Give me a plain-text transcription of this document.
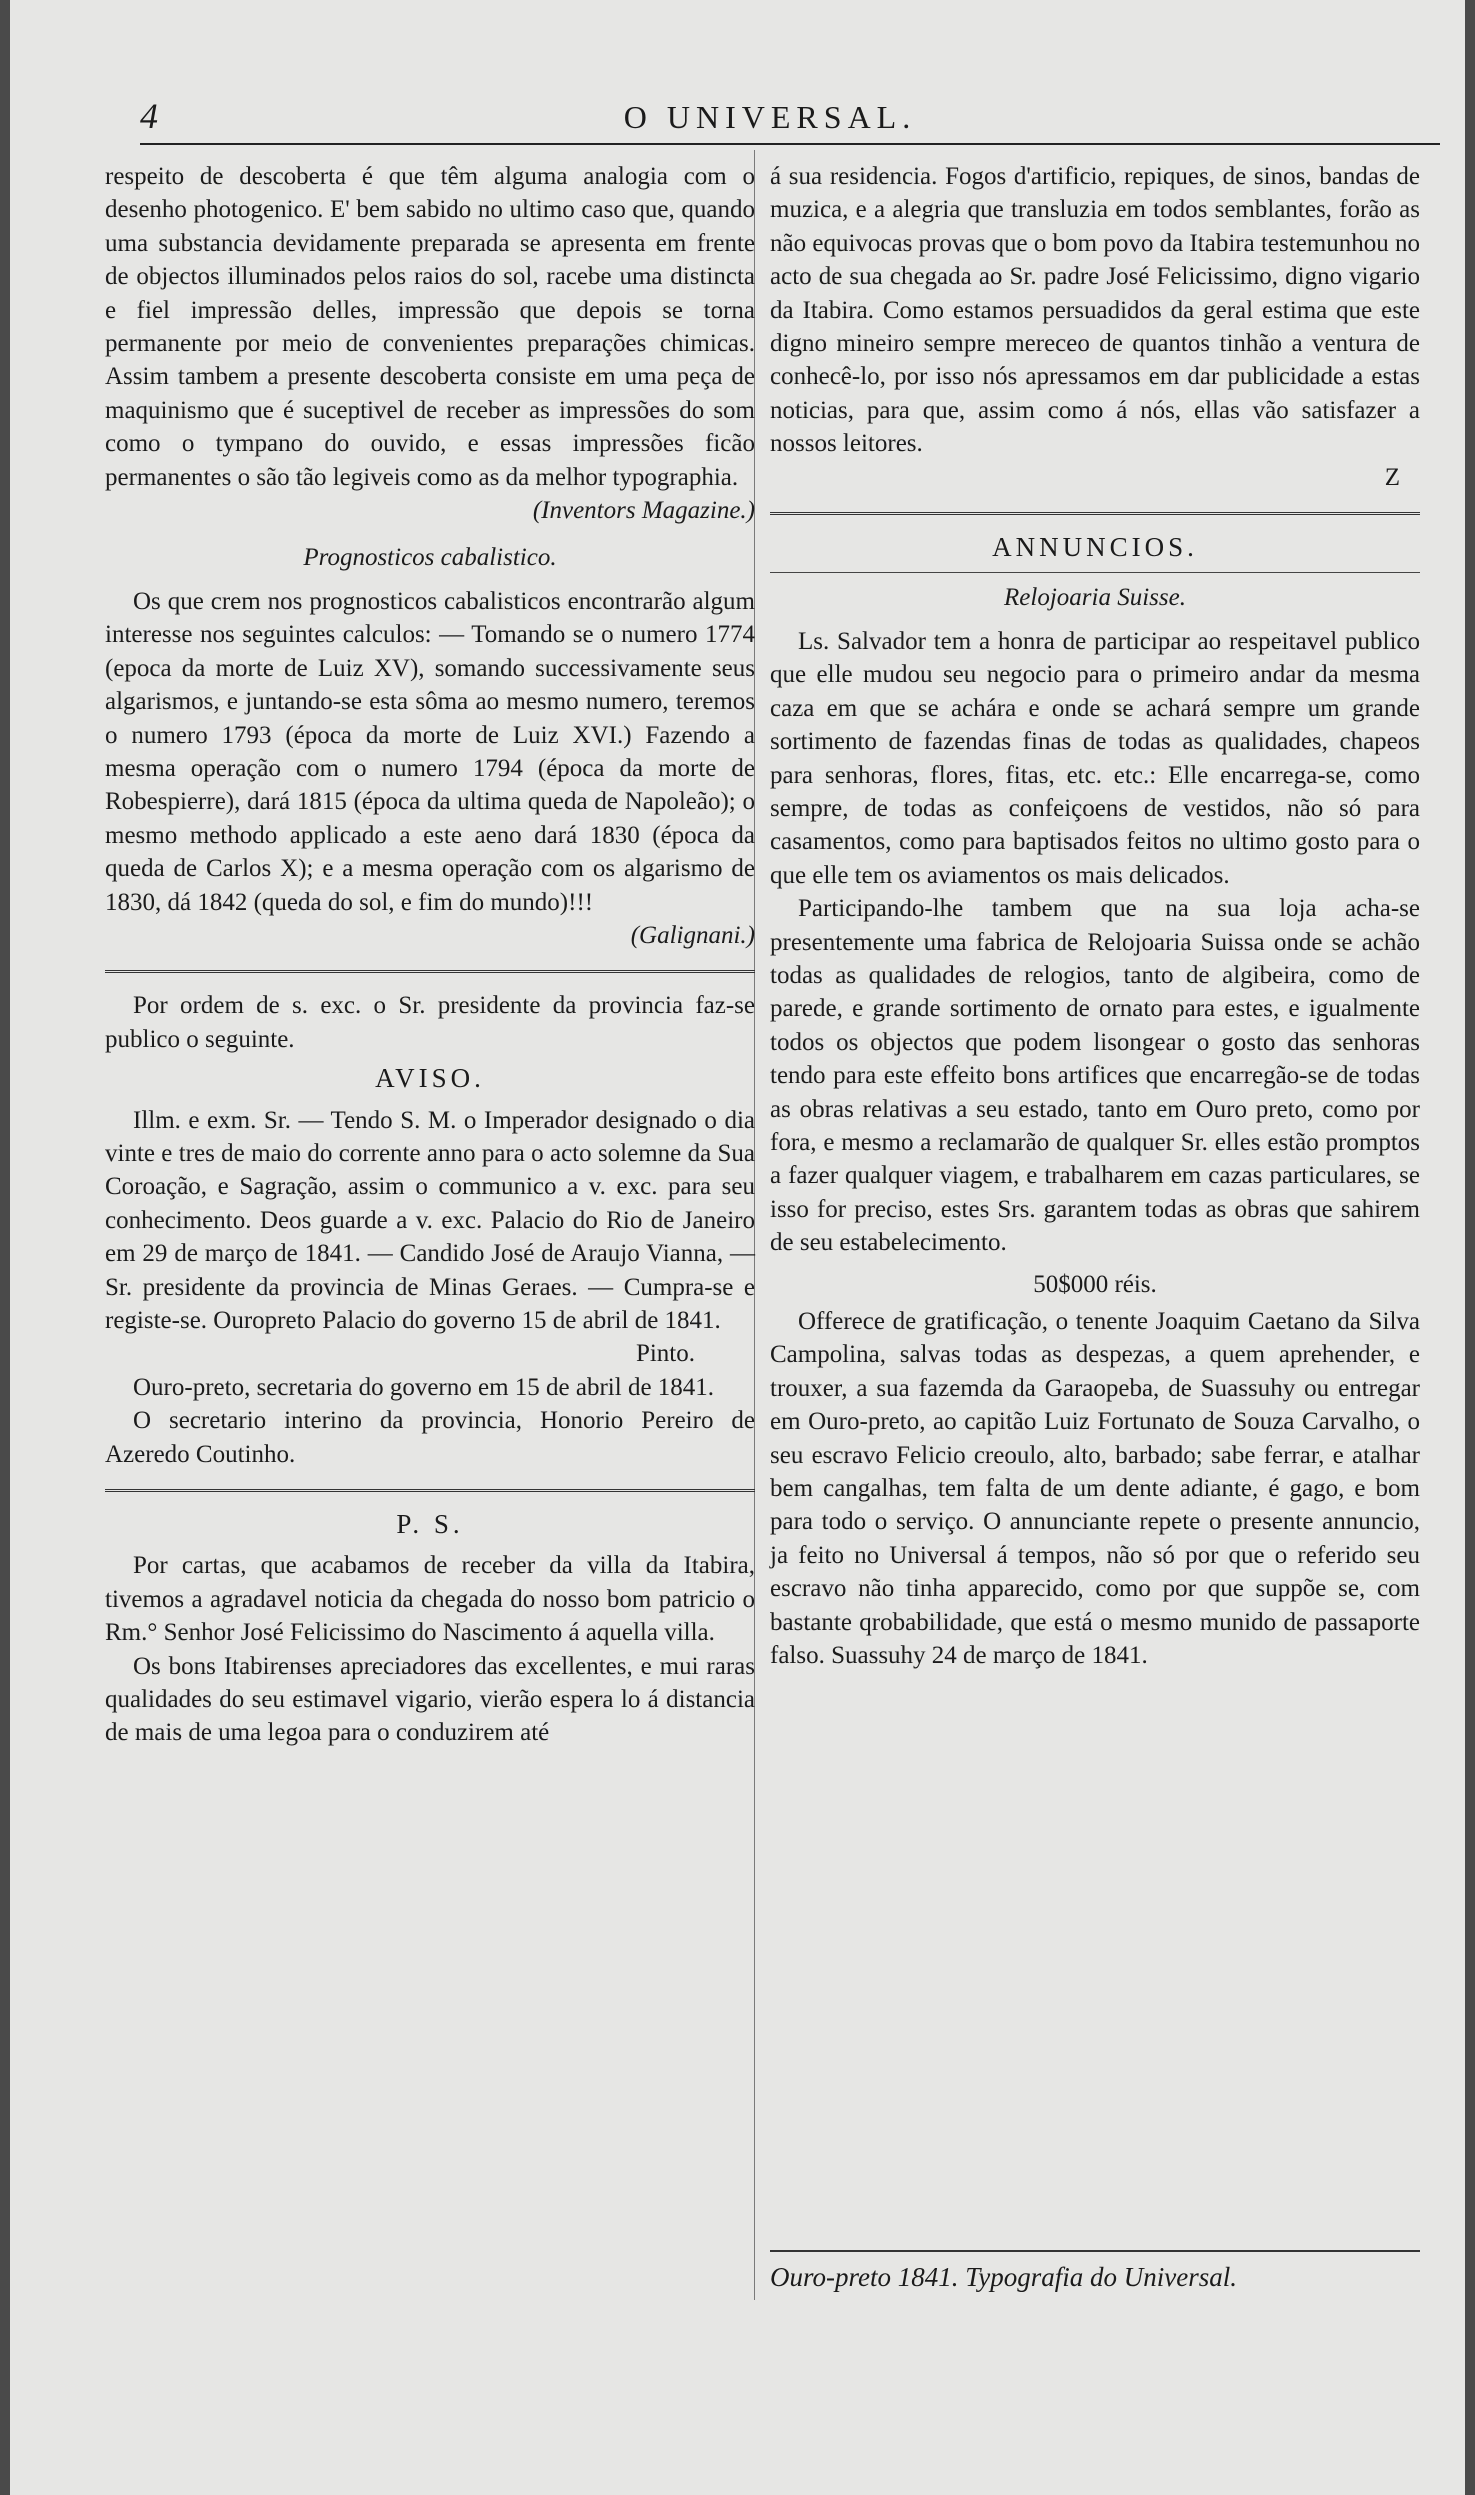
4	O UNIVERSAL.

respeito de descoberta é que têm alguma analogia com o desenho photogenico. E' bem sabido no ultimo caso que, quando uma substancia devidamente preparada se apresenta em frente de objectos illuminados pelos raios do sol, racebe uma distincta e fiel impressão delles, impressão que depois se torna permanente por meio de convenientes preparações chimicas. Assim tambem a presente descoberta consiste em uma peça de maquinismo que é suceptivel de receber as impressões do som como o tympano do ouvido, e essas impressões ficão permanentes o são tão legiveis como as da melhor typographia.

(Inventors Magazine.)
Prognosticos cabalistico.

Os que crem nos prognosticos cabalisticos encontrarão algum interesse nos seguintes calculos: — Tomando se o numero 1774 (epoca da morte de Luiz XV), somando successivamente seus algarismos, e juntando-se esta sôma ao mesmo numero, teremos o numero 1793 (época da morte de Luiz XVI.) Fazendo a mesma operação com o numero 1794 (época da morte de Robespierre), dará 1815 (época da ultima queda de Napoleão); o mesmo methodo applicado a este aeno dará 1830 (época da queda de Carlos X); e a mesma operação com os algarismo de 1830, dá 1842 (queda do sol, e fim do mundo)!!!

(Galignani.)

Por ordem de s. exc. o Sr. presidente da provincia faz-se publico o seguinte.

AVISO.

Illm. e exm. Sr. — Tendo S. M. o Imperador designado o dia vinte e tres de maio do corrente anno para o acto solemne da Sua Coroação, e Sagração, assim o communico a v. exc. para seu conhecimento. Deos guarde a v. exc. Palacio do Rio de Janeiro em 29 de março de 1841. — Candido José de Araujo Vianna, — Sr. presidente da provincia de Minas Geraes. — Cumpra-se e registe-se. Ouropreto Palacio do governo 15 de abril de 1841.

Pinto.

Ouro-preto, secretaria do governo em 15 de abril de 1841.

O secretario interino da provincia, Honorio Pereiro de Azeredo Coutinho.

P. S.

Por cartas, que acabamos de receber da villa da Itabira, tivemos a agradavel noticia da chegada do nosso bom patricio o Rm.° Senhor José Felicissimo do Nascimento á aquella villa.

Os bons Itabirenses apreciadores das excellentes, e mui raras qualidades do seu estimavel vigario, vierão espera lo á distancia de mais de uma legoa para o conduzirem até

á sua residencia. Fogos d'artificio, repiques, de sinos, bandas de muzica, e a alegria que transluzia em todos semblantes, forão as não equivocas provas que o bom povo da Itabira testemunhou no acto de sua chegada ao Sr. padre José Felicissimo, digno vigario da Itabira. Como estamos persuadidos da geral estima que este digno mineiro sempre mereceo de quantos tinhão a ventura de conhecê-lo, por isso nós apressamos em dar publicidade a estas noticias, para que, assim como á nós, ellas vão satisfazer a nossos leitores.

Z
ANNUNCIOS.
Relojoaria Suisse.

Ls. Salvador tem a honra de participar ao respeitavel publico que elle mudou seu negocio para o primeiro andar da mesma caza em que se achára e onde se achará sempre um grande sortimento de fazendas finas de todas as qualidades, chapeos para senhoras, flores, fitas, etc. etc.: Elle encarrega-se, como sempre, de todas as confeiçoens de vestidos, não só para casamentos, como para baptisados feitos no ultimo gosto para o que elle tem os aviamentos os mais delicados.

Participando-lhe tambem que na sua loja acha-se presentemente uma fabrica de Relojoaria Suissa onde se achão todas as qualidades de relogios, tanto de algibeira, como de parede, e grande sortimento de ornato para estes, e igualmente todos os objectos que podem lisongear o gosto das senhoras tendo para este effeito bons artifices que encarregão-se de todas as obras relativas a seu estado, tanto em Ouro preto, como por fora, e mesmo a reclamarão de qualquer Sr. elles estão promptos a fazer qualquer viagem, e trabalharem em cazas particulares, se isso for preciso, estes Srs. garantem todas as obras que sahirem de seu estabelecimento.

50$000 réis.

Offerece de gratificação, o tenente Joaquim Caetano da Silva Campolina, salvas todas as despezas, a quem aprehender, e trouxer, a sua fazemda da Garaopeba, de Suassuhy ou entregar em Ouro-preto, ao capitão Luiz Fortunato de Souza Carvalho, o seu escravo Felicio creoulo, alto, barbado; sabe ferrar, e atalhar bem cangalhas, tem falta de um dente adiante, é gago, e bom para todo o serviço. O annunciante repete o presente annuncio, ja feito no Universal á tempos, não só por que o referido seu escravo não tinha apparecido, como por que suppõe se, com bastante qrobabilidade, que está o mesmo munido de passaporte falso. Suassuhy 24 de março de 1841.

Ouro-preto 1841. Typografia do Universal.
